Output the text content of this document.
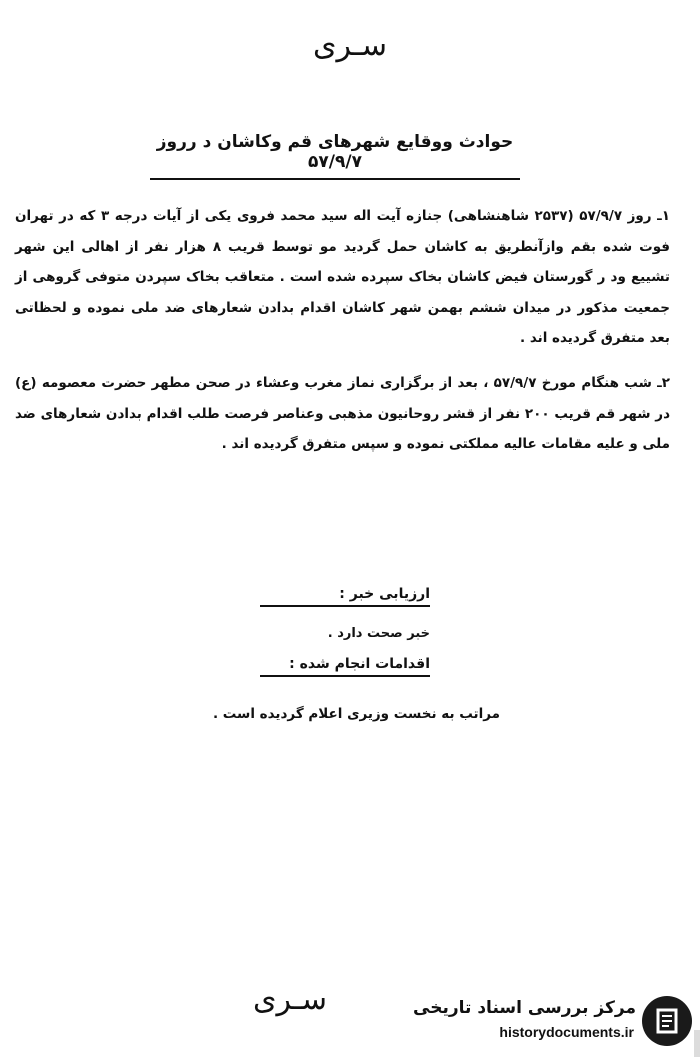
سـرى
حوادث ووقايع شهرهاى قم وكاشان د رروز ۵۷/۹/۷
۱ـ روز ۵۷/۹/۷ (۲۵۳۷ شاهنشاهی) جنازه آیت اله سید محمد فروی یکی از آیات درجه ۳ که در تهران فوت شده بقم وازآنطریق به کاشان حمل گردید مو توسط قریب ۸ هزار نفر از اهالی این شهر تشییع ود ر گورستان فیض کاشان بخاک سپرده شده است . متعاقب بخاک سپردن متوفی گروهی از جمعیت مذکور در میدان ششم بهمن شهر کاشان اقدام بدادن شعارهای ضد ملی نموده و لحظاتی بعد متفرق گردیده اند .
۲ـ شب هنگام مورخ ۵۷/۹/۷ ، بعد از برگزاری نماز مغرب وعشاء در صحن مطهر حضرت معصومه (ع) در شهر قم قریب ۲۰۰ نفر از قشر روحانیون مذهبی وعناصر فرصت طلب اقدام بدادن شعارهای ضد ملی و علیه مقامات عالیه مملکتی نموده و سپس متفرق گردیده اند .
ارزیابی خبر :
خبر صحت دارد .
اقدامات انجام شده :
مراتب به نخست وزیری اعلام گردیده است .
سـرى	مرکز بررسی اسناد تاریخی
historydocuments.ir
